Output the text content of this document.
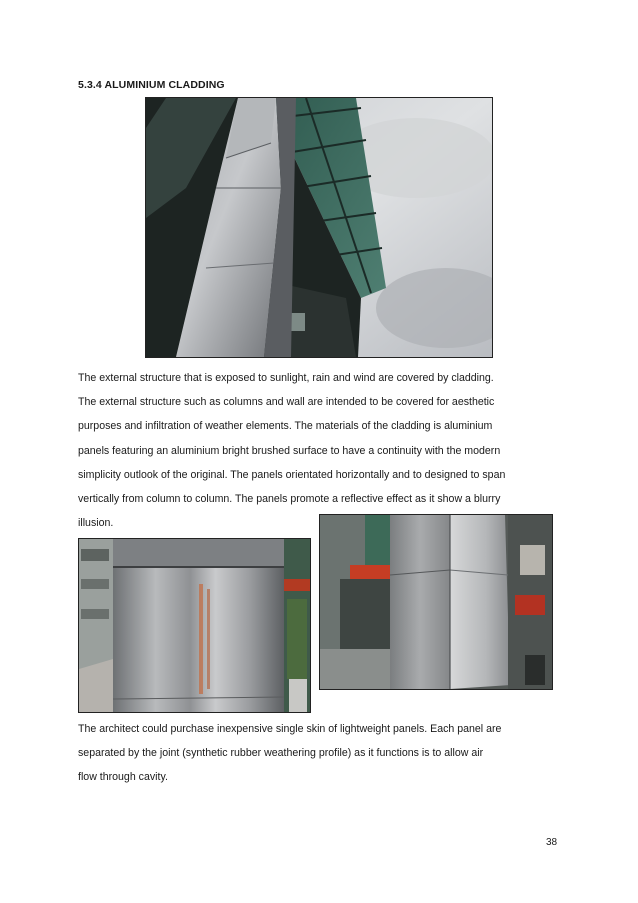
5.3.4 ALUMINIUM CLADDING

The external structure that is exposed to sunlight, rain and wind are covered by cladding.

The external structure such as columns and wall are intended to be covered for aesthetic

purposes and infiltration of weather elements. The materials of the cladding is aluminium

panels featuring an aluminium bright brushed surface to have a continuity with the modern

simplicity outlook of the original. The panels orientated horizontally and to designed to span

vertically from column to column. The panels promote a reflective effect as it show a blurry

illusion.

The architect could purchase inexpensive single skin of lightweight panels. Each panel are

separated by the joint (synthetic rubber weathering profile) as it functions is to allow air

flow through cavity.

38
